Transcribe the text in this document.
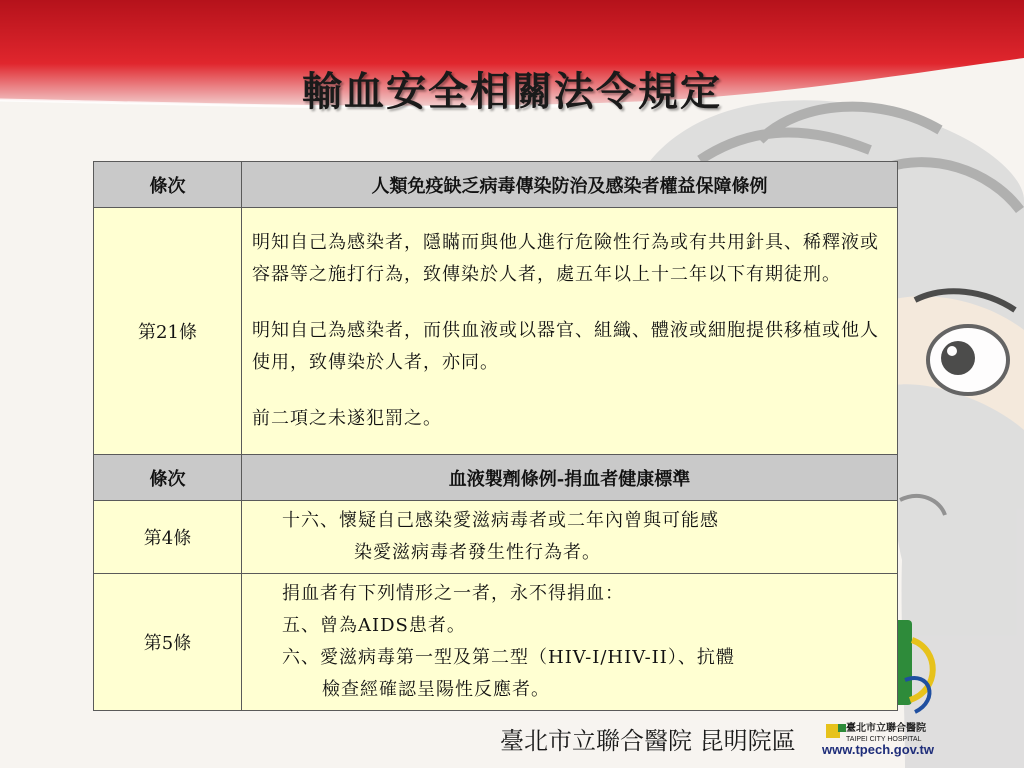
輸血安全相關法令規定
條次	人類免疫缺乏病毒傳染防治及感染者權益保障條例
第21條	明知自己為感染者，隱瞞而與他人進行危險性行為或有共用針具、稀釋液或容器等之施打行為，致傳染於人者，處五年以上十二年以下有期徒刑。

明知自己為感染者，而供血液或以器官、組織、體液或細胞提供移植或他人使用，致傳染於人者，亦同。

前二項之未遂犯罰之。

條次	血液製劑條例-捐血者健康標準
第4條	十六、懷疑自己感染愛滋病毒者或二年內曾與可能感
染愛滋病毒者發生性行為者。

第5條	捐血者有下列情形之一者，永不得捐血：
五、曾為AIDS患者。
六、愛滋病毒第一型及第二型（HIV-I/HIV-II）、抗體
檢查經確認呈陽性反應者。
臺北市立聯合醫院 昆明院區	臺北市立聯合醫院
TAIPEI CITY HOSPITAL
www.tpech.gov.tw
